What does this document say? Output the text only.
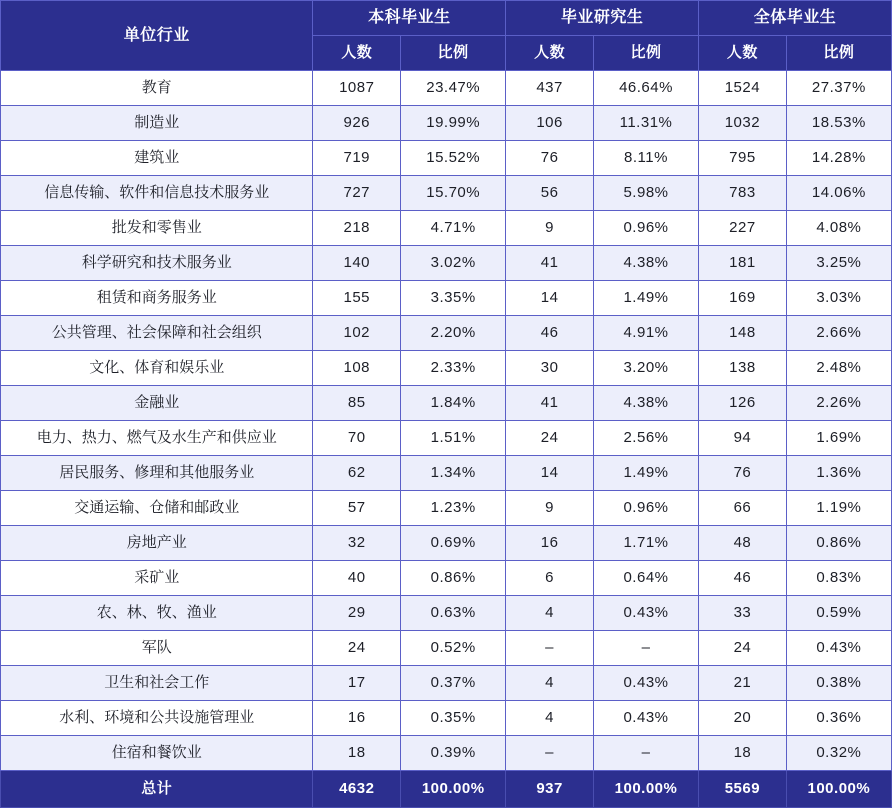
单位行业	本科毕业生		毕业研究生		全体毕业生	
	人数	比例	人数	比例	人数	比例
教育	1087	23.47%	437	46.64%	1524	27.37%
制造业	926	19.99%	106	11.31%	1032	18.53%
建筑业	719	15.52%	76	8.11%	795	14.28%
信息传输、软件和信息技术服务业	727	15.70%	56	5.98%	783	14.06%
批发和零售业	218	4.71%	9	0.96%	227	4.08%
科学研究和技术服务业	140	3.02%	41	4.38%	181	3.25%
租赁和商务服务业	155	3.35%	14	1.49%	169	3.03%
公共管理、社会保障和社会组织	102	2.20%	46	4.91%	148	2.66%
文化、体育和娱乐业	108	2.33%	30	3.20%	138	2.48%
金融业	85	1.84%	41	4.38%	126	2.26%
电力、热力、燃气及水生产和供应业	70	1.51%	24	2.56%	94	1.69%
居民服务、修理和其他服务业	62	1.34%	14	1.49%	76	1.36%
交通运输、仓储和邮政业	57	1.23%	9	0.96%	66	1.19%
房地产业	32	0.69%	16	1.71%	48	0.86%
采矿业	40	0.86%	6	0.64%	46	0.83%
农、林、牧、渔业	29	0.63%	4	0.43%	33	0.59%
军队	24	0.52%	–	–	24	0.43%
卫生和社会工作	17	0.37%	4	0.43%	21	0.38%
水利、环境和公共设施管理业	16	0.35%	4	0.43%	20	0.36%
住宿和餐饮业	18	0.39%	–	–	18	0.32%
总计	4632	100.00%	937	100.00%	5569	100.00%
